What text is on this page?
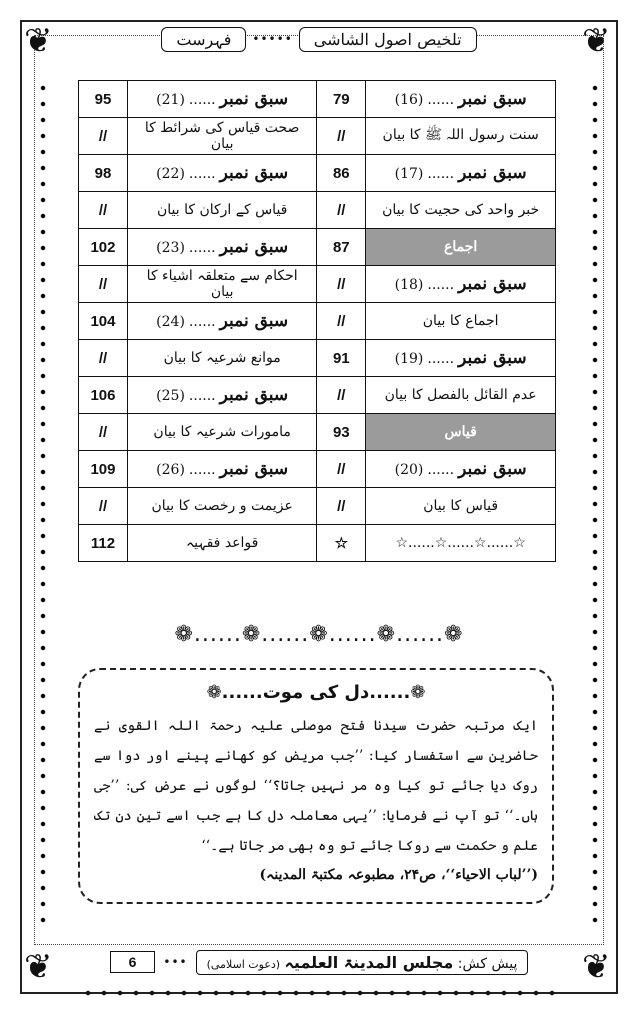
❦	❦
❦	❦
تلخیص اصول الشاشی
•••••
فہرست
سبق نمبر......(16)	79	سبق نمبر......(21)	95
سنت رسول اللہ ﷺ کا بیان	//	صحت قیاس کی شرائط کا بیان	//
سبق نمبر......(17)	86	سبق نمبر......(22)	98
خبر واحد کی حجیت کا بیان	//	قیاس کے ارکان کا بیان	//
اجماع	87	سبق نمبر......(23)	102
سبق نمبر......(18)	//	احکام سے متعلقہ اشیاء کا بیان	//
اجماع کا بیان	//	سبق نمبر......(24)	104
سبق نمبر......(19)	91	موانع شرعیہ کا بیان	//
عدم القائل بالفصل کا بیان	//	سبق نمبر......(25)	106
قیاس	93	مامورات شرعیہ کا بیان	//
سبق نمبر......(20)	//	سبق نمبر......(26)	109
قیاس کا بیان	//	عزیمت و رخصت کا بیان	//
☆......☆......☆......☆	☆	قواعد فقہیہ	112
❁......❁......❁......❁......❁
❁......دل کی موت......❁
ایک مرتبہ حضرت سیدنا فتح موصلی علیہ رحمۃ اللہ القوی نے حاضرین سے استفسار کیا: ’’جب مریض کو کھانے پینے اور دوا سے روک دیا جائے تو کیا وہ مر نہیں جاتا؟‘‘ لوگوں نے عرض کی: ’’جی ہاں۔‘‘ تو آپ نے فرمایا: ’’یہی معاملہ دل کا ہے جب اسے تین دن تک علم و حکمت سے روکا جائے تو وہ بھی مر جاتا ہے۔‘‘
(’’لباب الاحیاء‘‘، ص۲۴، مطبوعہ مکتبۃ المدینہ)
پیش کش: مجلس المدینۃ العلمیہ (دعوت اسلامی)
•••
6
